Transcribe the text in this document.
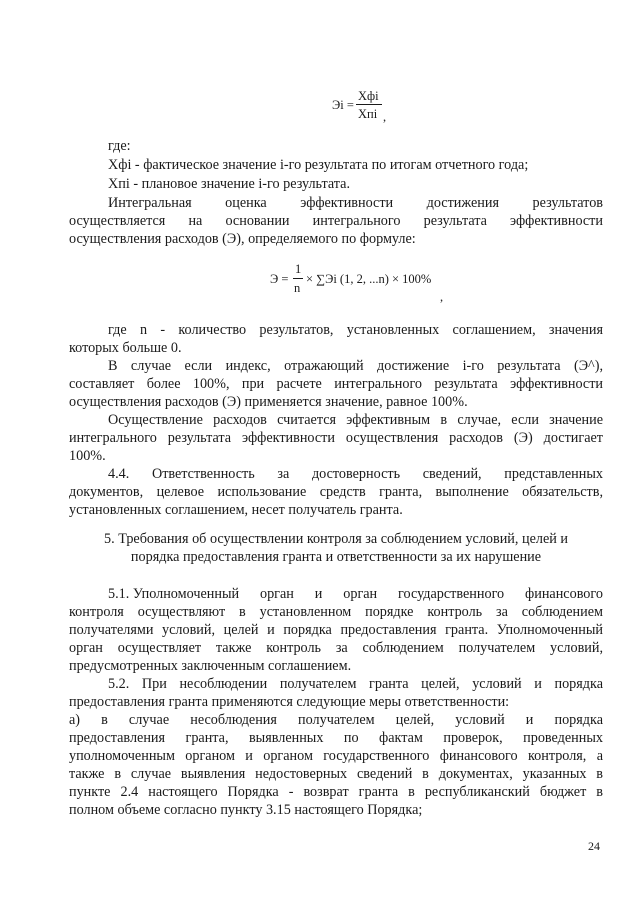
Эi =
Xфi
Xпi ,
где:
Xфi - фактическое значение i-го результата по итогам отчетного года;
Xпi - плановое значение i-го результата.
Интегральная оценка эффективности достижения результатов
осуществляется на основании интегрального результата эффективности
осуществления расходов (Э), определяемого по формуле:
Э =
1
n
× ∑Эi (1, 2, ...n) × 100%
,
где n - количество результатов, установленных соглашением, значения
которых больше 0.
В случае если индекс, отражающий достижение i-го результата (Э^),
составляет более 100%, при расчете интегрального результата эффективности
осуществления расходов (Э) применяется значение, равное 100%.
Осуществление расходов считается эффективным в случае, если значение
интегрального результата эффективности осуществления расходов (Э) достигает
100%.
4.4. Ответственность за достоверность сведений, представленных
документов, целевое использование средств гранта, выполнение обязательств,
установленных соглашением, несет получатель гранта.
5. Требования об осуществлении контроля за соблюдением условий, целей и
порядка предоставления гранта и ответственности за их нарушение
5.1. Уполномоченный орган и орган государственного финансового
контроля осуществляют в установленном порядке контроль за соблюдением
получателями условий, целей и порядка предоставления гранта. Уполномоченный
орган осуществляет также контроль за соблюдением получателем условий,
предусмотренных заключенным соглашением.
5.2. При несоблюдении получателем гранта целей, условий и порядка
предоставления гранта применяются следующие меры ответственности:
а) в случае несоблюдения получателем целей, условий и порядка
предоставления гранта, выявленных по фактам проверок, проведенных
уполномоченным органом и органом государственного финансового контроля, а
также в случае выявления недостоверных сведений в документах, указанных в
пункте 2.4 настоящего Порядка - возврат гранта в республиканский бюджет в
полном объеме согласно пункту 3.15 настоящего Порядка;
24
